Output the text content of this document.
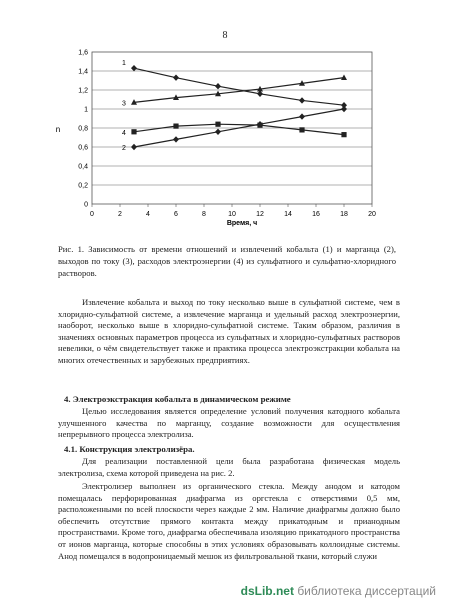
8
0
0,2
0,4
0,6
0,8
1
1,2
1,4
1,6
0	2	4	6	8	10	12	14	16	18	20
1
2
3
4
Время, ч
n
Рис. 1. Зависимость от времени отношений и извлечений кобальта (1) и марганца (2), выходов по току (3), расходов электроэнергии (4) из сульфатного и сульфатно-хлоридного растворов.

Извлечение кобальта и выход по току несколько выше в сульфатной системе, чем в хлоридно-сульфатной системе, а извлечение марганца и удельный расход электроэнергии, наоборот, несколько выше в хлоридно-сульфатной системе. Таким образом, различия в значениях основных параметров процесса из сульфатных и хлоридно-сульфатных растворов невелики, о чём свидетельствует также и практика процесса электроэкстракции кобальта на многих отечественных и зарубежных предприятиях.

4. Электроэкстракция кобальта в динамическом режиме

Целью исследования является определение условий получения катодного кобальта улучшенного качества по марганцу, создание возможности для осуществления непрерывного процесса электролиза.

4.1. Конструкция электролизёра.

Для реализации поставленной цели была разработана физическая модель электролиза, схема которой приведена на рис. 2.

Электролизер выполнен из органического стекла. Между анодом и катодом помещалась перфорированная диафрагма из оргстекла с отверстиями 0,5 мм, расположенными по всей плоскости через каждые 2 мм. Наличие диафрагмы должно было обеспечить отсутствие прямого контакта между прикатодным и прианодным пространствами. Кроме того, диафрагма обеспечивала изоляцию прикатодного пространства от ионов марганца, которые способны в этих условиях образовывать коллоидные системы. Анод помещался в водопроницаемый мешок из фильтровальной ткани, который служи

dsLib.net библиотека диссертаций
